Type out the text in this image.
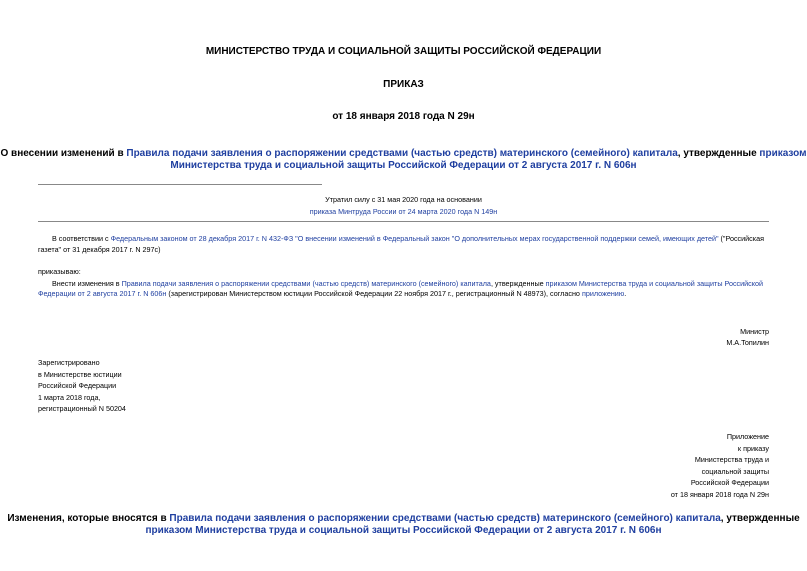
МИНИСТЕРСТВО ТРУДА И СОЦИАЛЬНОЙ ЗАЩИТЫ РОССИЙСКОЙ ФЕДЕРАЦИИ
ПРИКАЗ
от 18 января 2018 года N 29н
О внесении изменений в Правила подачи заявления о распоряжении средствами (частью средств) материнского (семейного) капитала, утвержденные приказом
Министерства труда и социальной защиты Российской Федерации от 2 августа 2017 г. N 606н
Утратил силу с 31 мая 2020 года на основании
приказа Минтруда России от 24 марта 2020 года N 149н
В соответствии с Федеральным законом от 28 декабря 2017 г. N 432-ФЗ "О внесении изменений в Федеральный закон "О дополнительных мерах государственной поддержки семей, имеющих детей" ("Российская
газета" от 31 декабря 2017 г. N 297с)
приказываю:
Внести изменения в Правила подачи заявления о распоряжении средствами (частью средств) материнского (семейного) капитала, утвержденные приказом Министерства труда и социальной защиты Российской
Федерации от 2 августа 2017 г. N 606н (зарегистрирован Министерством юстиции Российской Федерации 22 ноября 2017 г., регистрационный N 48973), согласно приложению.
Министр
М.А.Топилин
Зарегистрировано
в Министерстве юстиции
Российской Федерации
1 марта 2018 года,
регистрационный N 50204
Приложение
к приказу
Министерства труда и
социальной защиты
Российской Федерации
от 18 января 2018 года N 29н
Изменения, которые вносятся в Правила подачи заявления о распоряжении средствами (частью средств) материнского (семейного) капитала, утвержденные
приказом Министерства труда и социальной защиты Российской Федерации от 2 августа 2017 г. N 606н
